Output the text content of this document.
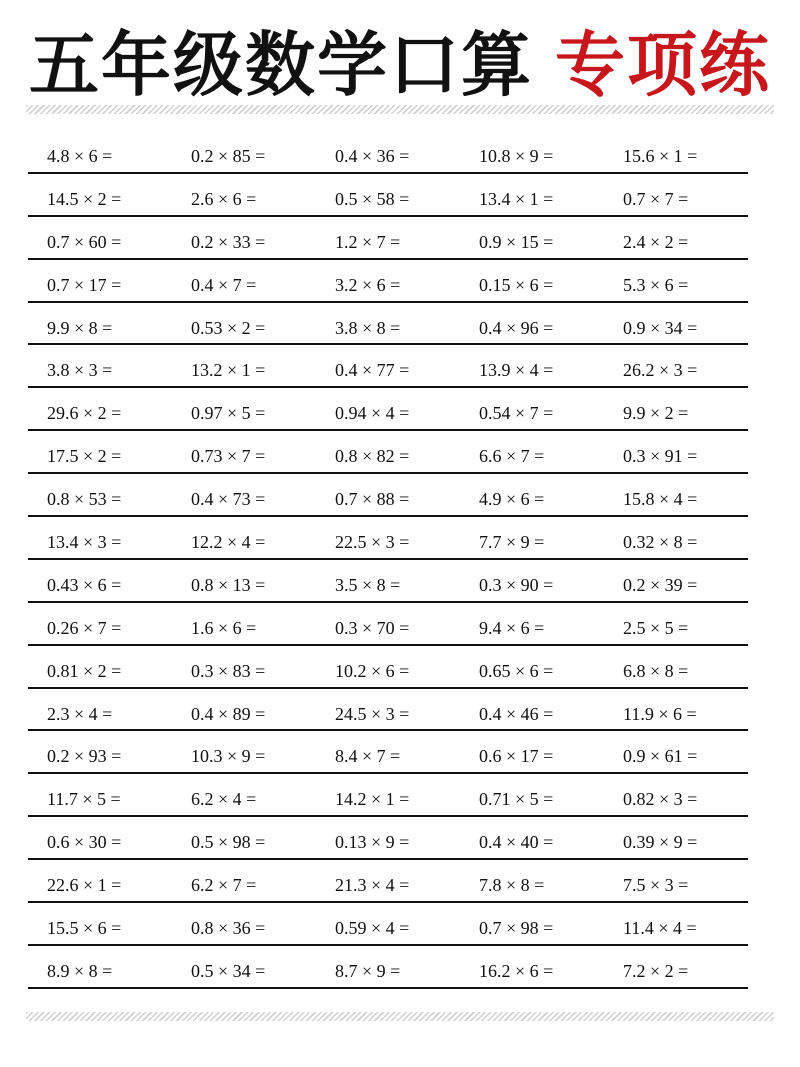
五年级数学口算 专项练
4.8 × 6 =	0.2 × 85 =	0.4 × 36 =	10.8 × 9 =	15.6 × 1 =
14.5 × 2 =	2.6 × 6 =	0.5 × 58 =	13.4 × 1 =	0.7 × 7 =
0.7 × 60 =	0.2 × 33 =	1.2 × 7 =	0.9 × 15 =	2.4 × 2 =
0.7 × 17 =	0.4 × 7 =	3.2 × 6 =	0.15 × 6 =	5.3 × 6 =
9.9 × 8 =	0.53 × 2 =	3.8 × 8 =	0.4 × 96 =	0.9 × 34 =
3.8 × 3 =	13.2 × 1 =	0.4 × 77 =	13.9 × 4 =	26.2 × 3 =
29.6 × 2 =	0.97 × 5 =	0.94 × 4 =	0.54 × 7 =	9.9 × 2 =
17.5 × 2 =	0.73 × 7 =	0.8 × 82 =	6.6 × 7 =	0.3 × 91 =
0.8 × 53 =	0.4 × 73 =	0.7 × 88 =	4.9 × 6 =	15.8 × 4 =
13.4 × 3 =	12.2 × 4 =	22.5 × 3 =	7.7 × 9 =	0.32 × 8 =
0.43 × 6 =	0.8 × 13 =	3.5 × 8 =	0.3 × 90 =	0.2 × 39 =
0.26 × 7 =	1.6 × 6 =	0.3 × 70 =	9.4 × 6 =	2.5 × 5 =
0.81 × 2 =	0.3 × 83 =	10.2 × 6 =	0.65 × 6 =	6.8 × 8 =
2.3 × 4 =	0.4 × 89 =	24.5 × 3 =	0.4 × 46 =	11.9 × 6 =
0.2 × 93 =	10.3 × 9 =	8.4 × 7 =	0.6 × 17 =	0.9 × 61 =
11.7 × 5 =	6.2 × 4 =	14.2 × 1 =	0.71 × 5 =	0.82 × 3 =
0.6 × 30 =	0.5 × 98 =	0.13 × 9 =	0.4 × 40 =	0.39 × 9 =
22.6 × 1 =	6.2 × 7 =	21.3 × 4 =	7.8 × 8 =	7.5 × 3 =
15.5 × 6 =	0.8 × 36 =	0.59 × 4 =	0.7 × 98 =	11.4 × 4 =
8.9 × 8 =	0.5 × 34 =	8.7 × 9 =	16.2 × 6 =	7.2 × 2 =
